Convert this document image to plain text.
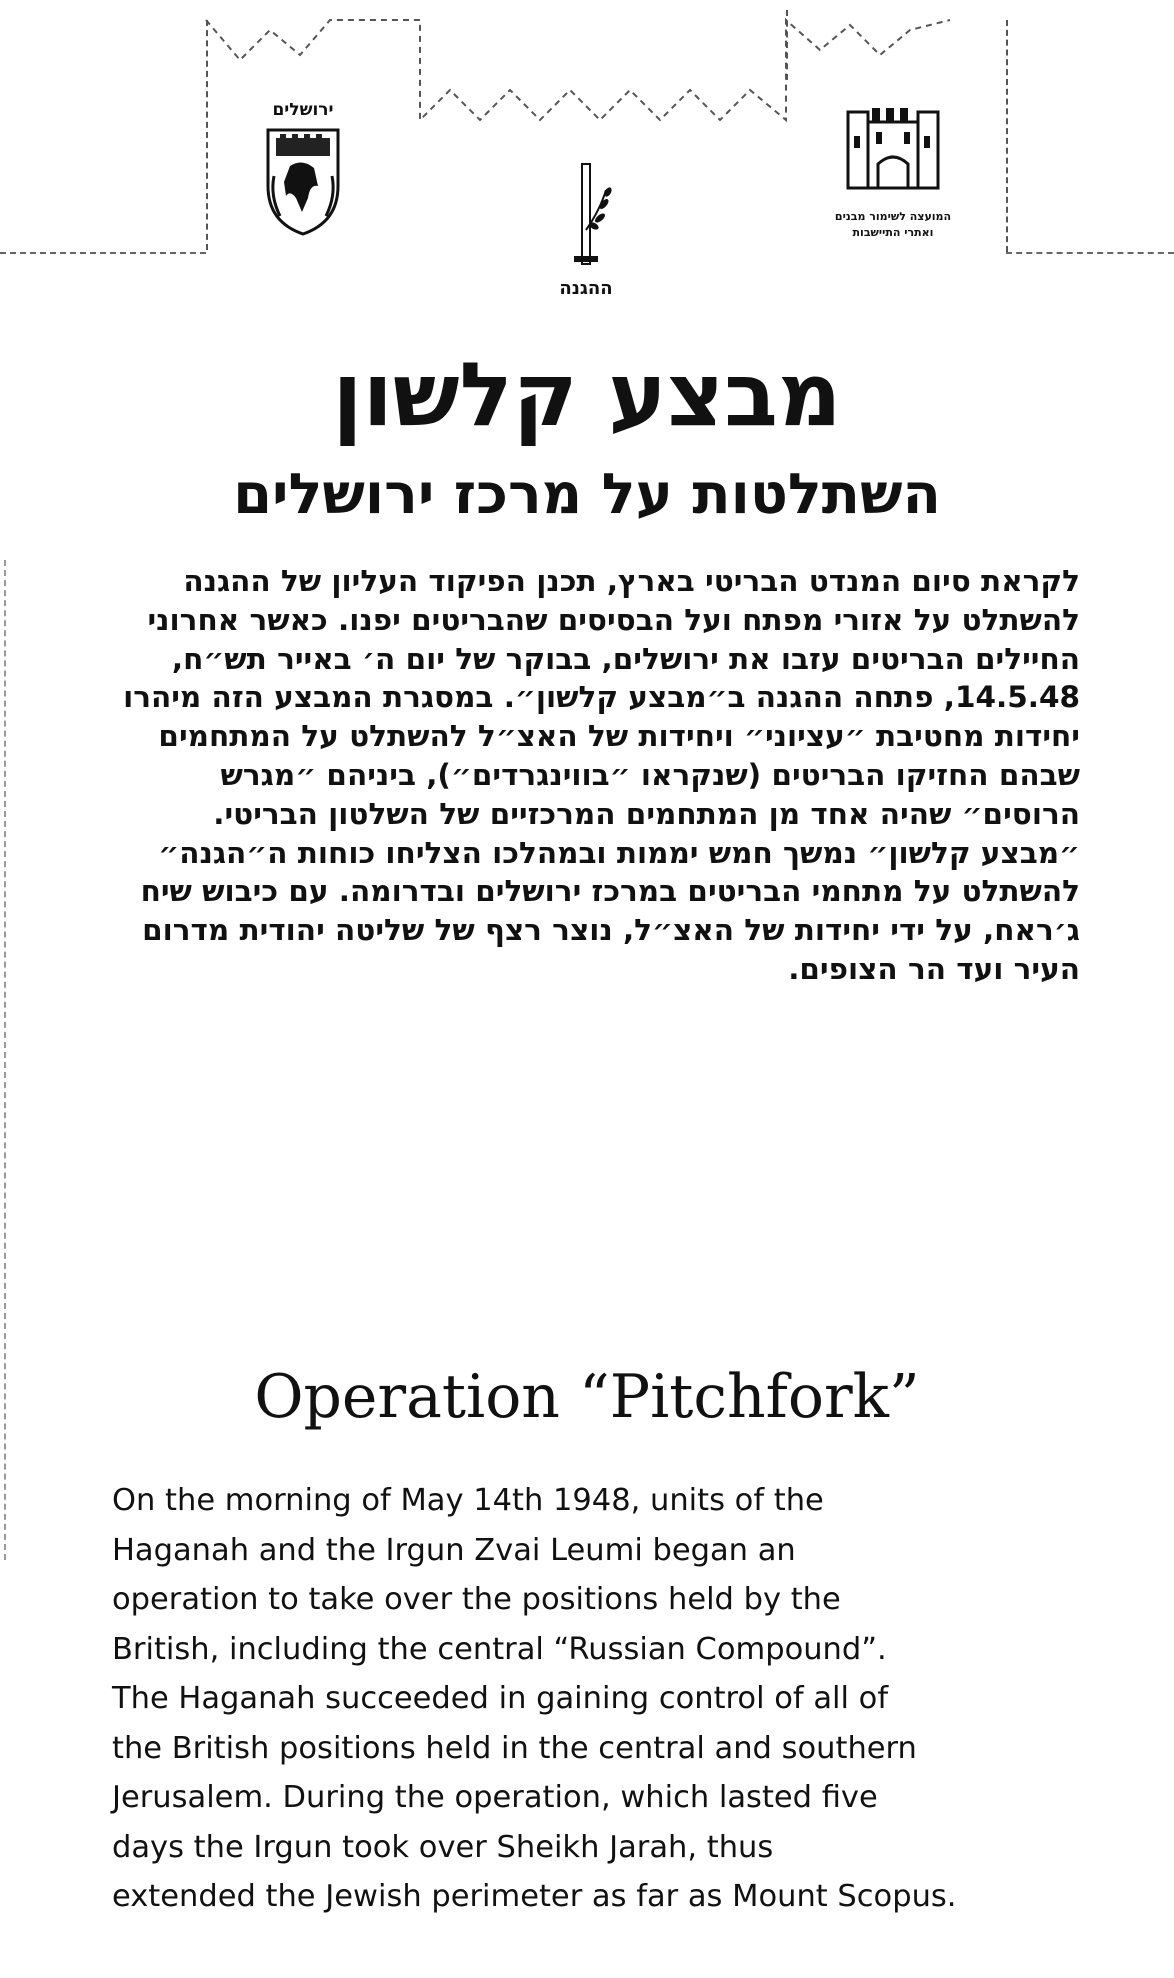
ירושלים
ההגנה
המועצה לשימור מבנים
ואתרי התיישבות
מבצע קלשון
השתלטות על מרכז ירושלים

לקראת סיום המנדט הבריטי בארץ, תכנן הפיקוד העליון של ההגנה להשתלט על אזורי מפתח ועל הבסיסים שהבריטים יפנו. כאשר אחרוני החיילים הבריטים עזבו את ירושלים, בבוקר של יום ה׳ באייר תש״ח, 14.5.48, פתחה ההגנה ב״מבצע קלשון״. במסגרת המבצע הזה מיהרו יחידות מחטיבת ״עציוני״ ויחידות של האצ״ל להשתלט על המתחמים שבהם החזיקו הבריטים (שנקראו ״בווינגרדים״), ביניהם ״מגרש הרוסים״ שהיה אחד מן המתחמים המרכזיים של השלטון הבריטי.

״מבצע קלשון״ נמשך חמש יממות ובמהלכו הצליחו כוחות ה״הגנה״ להשתלט על מתחמי הבריטים במרכז ירושלים ובדרומה. עם כיבוש שיח ג׳ראח, על ידי יחידות של האצ״ל, נוצר רצף של שליטה יהודית מדרום העיר ועד הר הצופים.

Operation “Pitchfork”
On the morning of May 14th 1948, units of the
Haganah and the Irgun Zvai Leumi began an
operation to take over the positions held by the
British, including the central “Russian Compound”.
The Haganah succeeded in gaining control of all of
the British positions held in the central and southern
Jerusalem. During the operation, which lasted five
days the Irgun took over Sheikh Jarah, thus
extended the Jewish perimeter as far as Mount Scopus.
